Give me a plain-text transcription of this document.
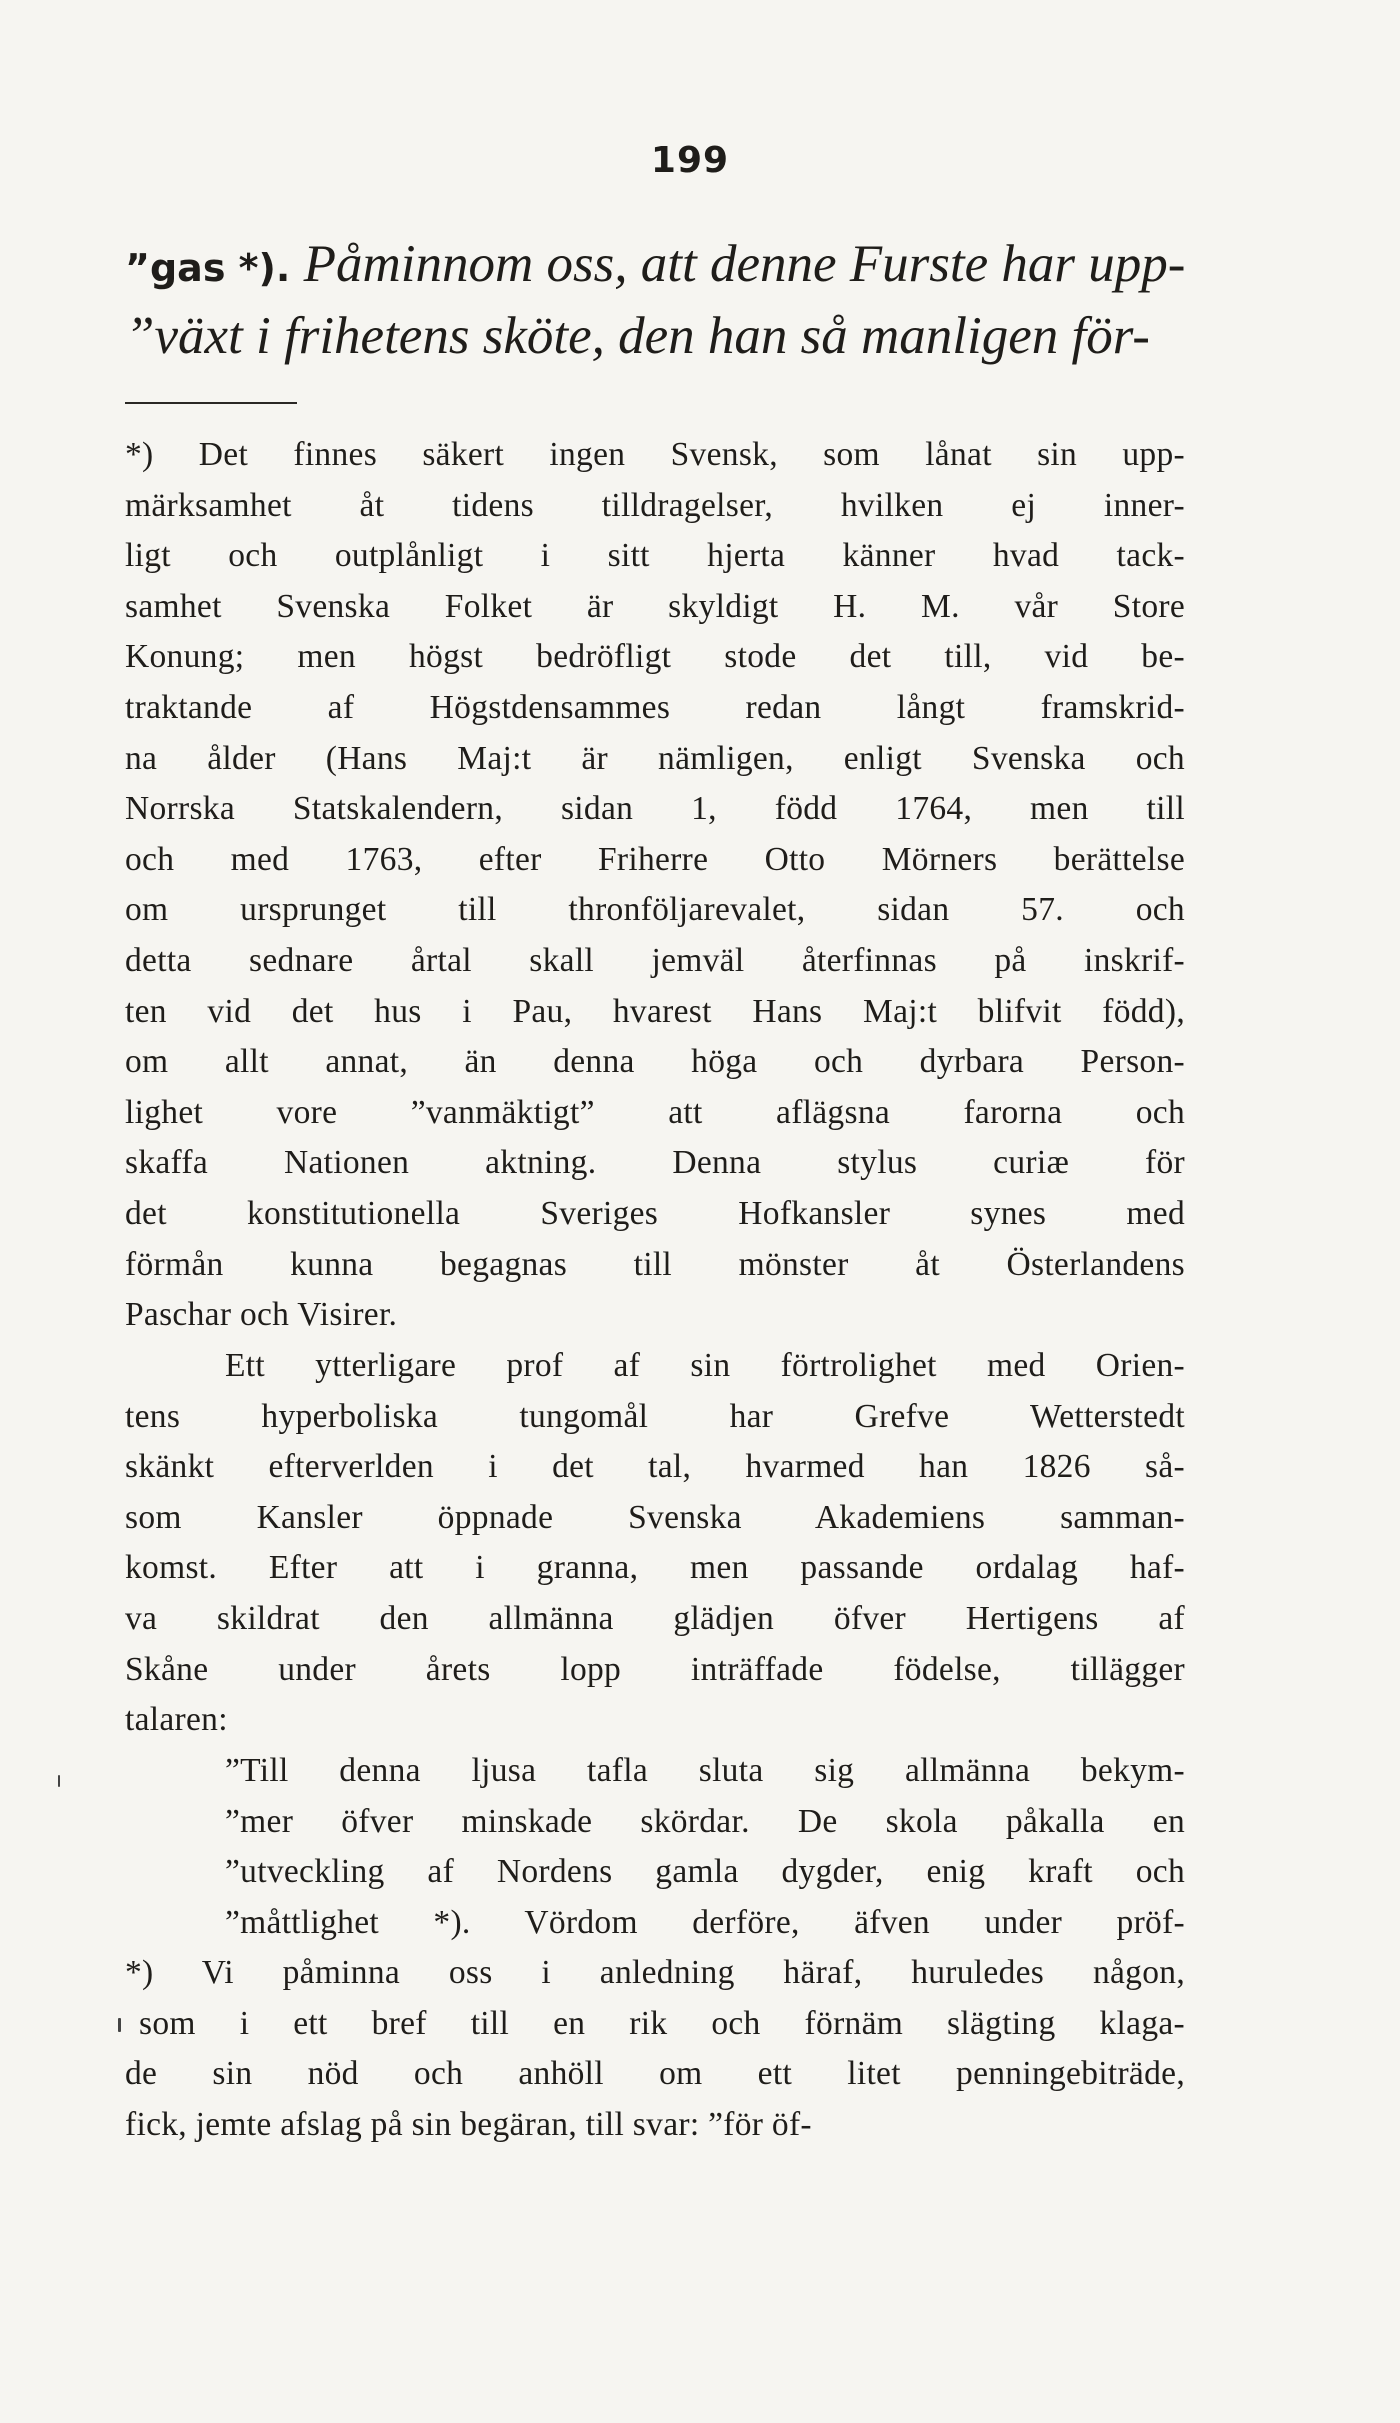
199
”gas *). Påminnom oss, att denne Furste har upp-
”växt i frihetens sköte, den han så manligen för-
*) Det finnes säkert ingen Svensk, som lånat sin upp-
märksamhet åt tidens tilldragelser, hvilken ej inner-
ligt och outplånligt i sitt hjerta känner hvad tack-
samhet Svenska Folket är skyldigt H. M. vår Store
Konung; men högst bedröfligt stode det till, vid be-
traktande af Högstdensammes redan långt framskrid-
na ålder (Hans Maj:t är nämligen, enligt Svenska och
Norrska Statskalendern, sidan 1, född 1764, men till
och med 1763, efter Friherre Otto Mörners berättelse
om ursprunget till thronföljarevalet, sidan 57. och
detta sednare årtal skall jemväl återfinnas på inskrif-
ten vid det hus i Pau, hvarest Hans Maj:t blifvit född),
om allt annat, än denna höga och dyrbara Person-
lighet vore ”vanmäktigt” att aflägsna farorna och
skaffa Nationen aktning. Denna stylus curiæ för
det konstitutionella Sveriges Hofkansler synes med
förmån kunna begagnas till mönster åt Österlandens
Paschar och Visirer.
Ett ytterligare prof af sin förtrolighet med Orien-
tens hyperboliska tungomål har Grefve Wetterstedt
skänkt efterverlden i det tal, hvarmed han 1826 så-
som Kansler öppnade Svenska Akademiens samman-
komst. Efter att i granna, men passande ordalag haf-
va skildrat den allmänna glädjen öfver Hertigens af
Skåne under årets lopp inträffade födelse, tillägger
talaren:
”Till denna ljusa tafla sluta sig allmänna bekym-
”mer öfver minskade skördar. De skola påkalla en
”utveckling af Nordens gamla dygder, enig kraft och
”måttlighet *). Vördom derföre, äfven under pröf-
*) Vi påminna oss i anledning häraf, huruledes någon,
som i ett bref till en rik och förnäm slägting klaga-
de sin nöd och anhöll om ett litet penningebiträde,
fick, jemte afslag på sin begäran, till svar: ”för öf-
